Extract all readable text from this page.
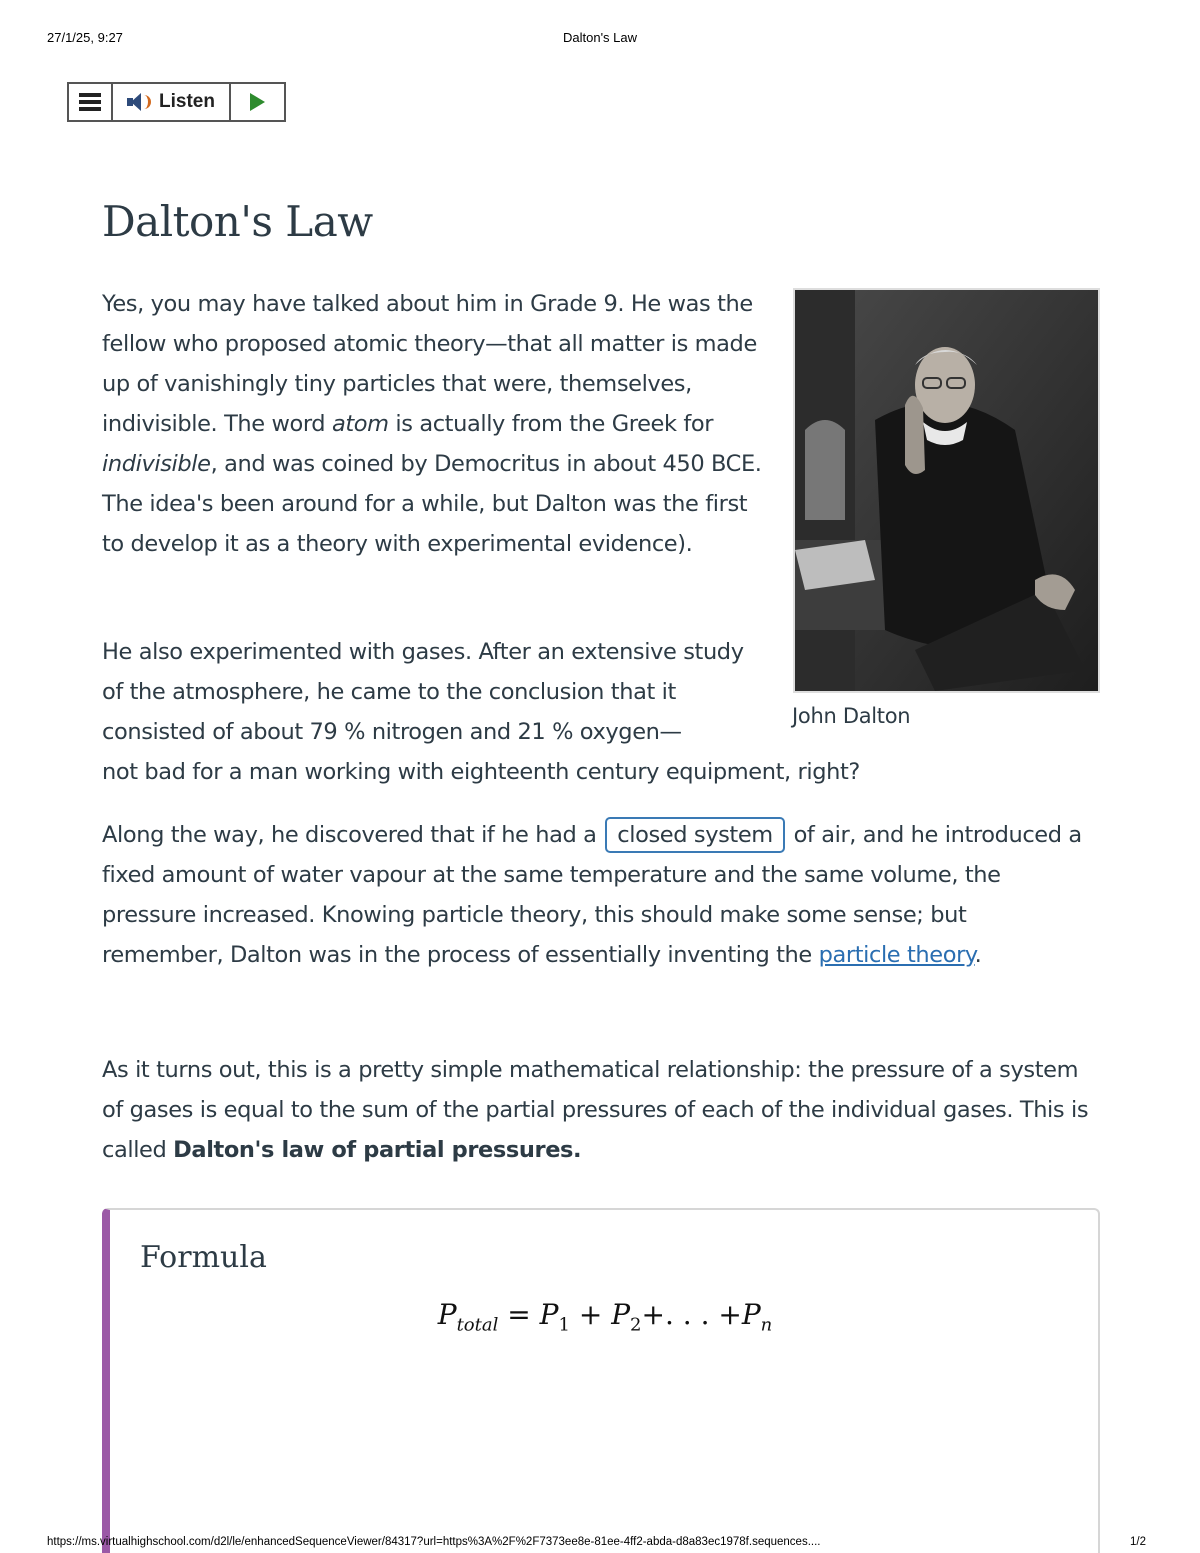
27/1/25, 9:27	Dalton's Law
Listen
Dalton's Law

Yes, you may have talked about him in Grade 9. He was the fellow who proposed atomic theory—that all matter is made up of vanishingly tiny particles that were, themselves, indivisible. The word atom is actually from the Greek for indivisible, and was coined by Democritus in about 450 BCE. The idea's been around for a while, but Dalton was the first to develop it as a theory with experimental evidence).

John Dalton

He also experimented with gases. After an extensive study of the atmosphere, he came to the conclusion that it consisted of about 79 % nitrogen and 21 % oxygen—
not bad for a man working with eighteenth century equipment, right?

Along the way, he discovered that if he had a closed system of air, and he introduced a fixed amount of water vapour at the same temperature and the same volume, the pressure increased. Knowing particle theory, this should make some sense; but remember, Dalton was in the process of essentially inventing the particle theory.

As it turns out, this is a pretty simple mathematical relationship: the pressure of a system of gases is equal to the sum of the partial pressures of each of the individual gases. This is called Dalton's law of partial pressures.

Formula
$P_{total} = P_1 + P_2+$. . . $+P_n$
https://ms.virtualhighschool.com/d2l/le/enhancedSequenceViewer/84317?url=https%3A%2F%2F7373ee8e-81ee-4ff2-abda-d8a83ec1978f.sequences....	1/2
